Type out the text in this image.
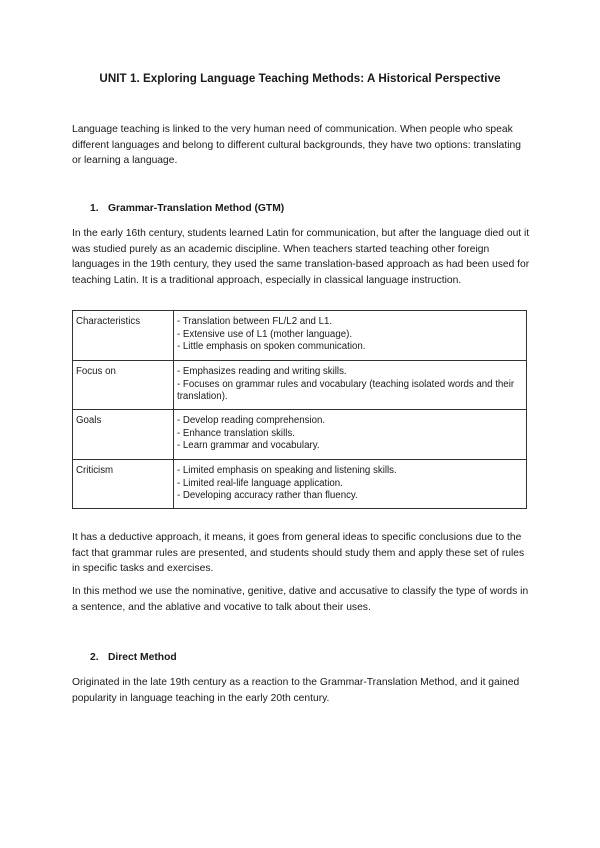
UNIT 1. Exploring Language Teaching Methods: A Historical Perspective

Language teaching is linked to the very human need of communication. When people who speak different languages and belong to different cultural backgrounds, they have two options: translating or learning a language.

1. Grammar-Translation Method (GTM)

In the early 16th century, students learned Latin for communication, but after the language died out it was studied purely as an academic discipline. When teachers started teaching other foreign languages in the 19th century, they used the same translation-based approach as had been used for teaching Latin. It is a traditional approach, especially in classical language instruction.

Characteristics	- Translation between FL/L2 and L1.
- Extensive use of L1 (mother language).
- Little emphasis on spoken communication.

Focus on	- Emphasizes reading and writing skills.
- Focuses on grammar rules and vocabulary (teaching isolated words and their translation).

Goals	- Develop reading comprehension.
- Enhance translation skills.
- Learn grammar and vocabulary.

Criticism	- Limited emphasis on speaking and listening skills.
- Limited real-life language application.
- Developing accuracy rather than fluency.

It has a deductive approach, it means, it goes from general ideas to specific conclusions due to the fact that grammar rules are presented, and students should study them and apply these set of rules in specific tasks and exercises.

In this method we use the nominative, genitive, dative and accusative to classify the type of words in a sentence, and the ablative and vocative to talk about their uses.

2. Direct Method

Originated in the late 19th century as a reaction to the Grammar-Translation Method, and it gained popularity in language teaching in the early 20th century.
